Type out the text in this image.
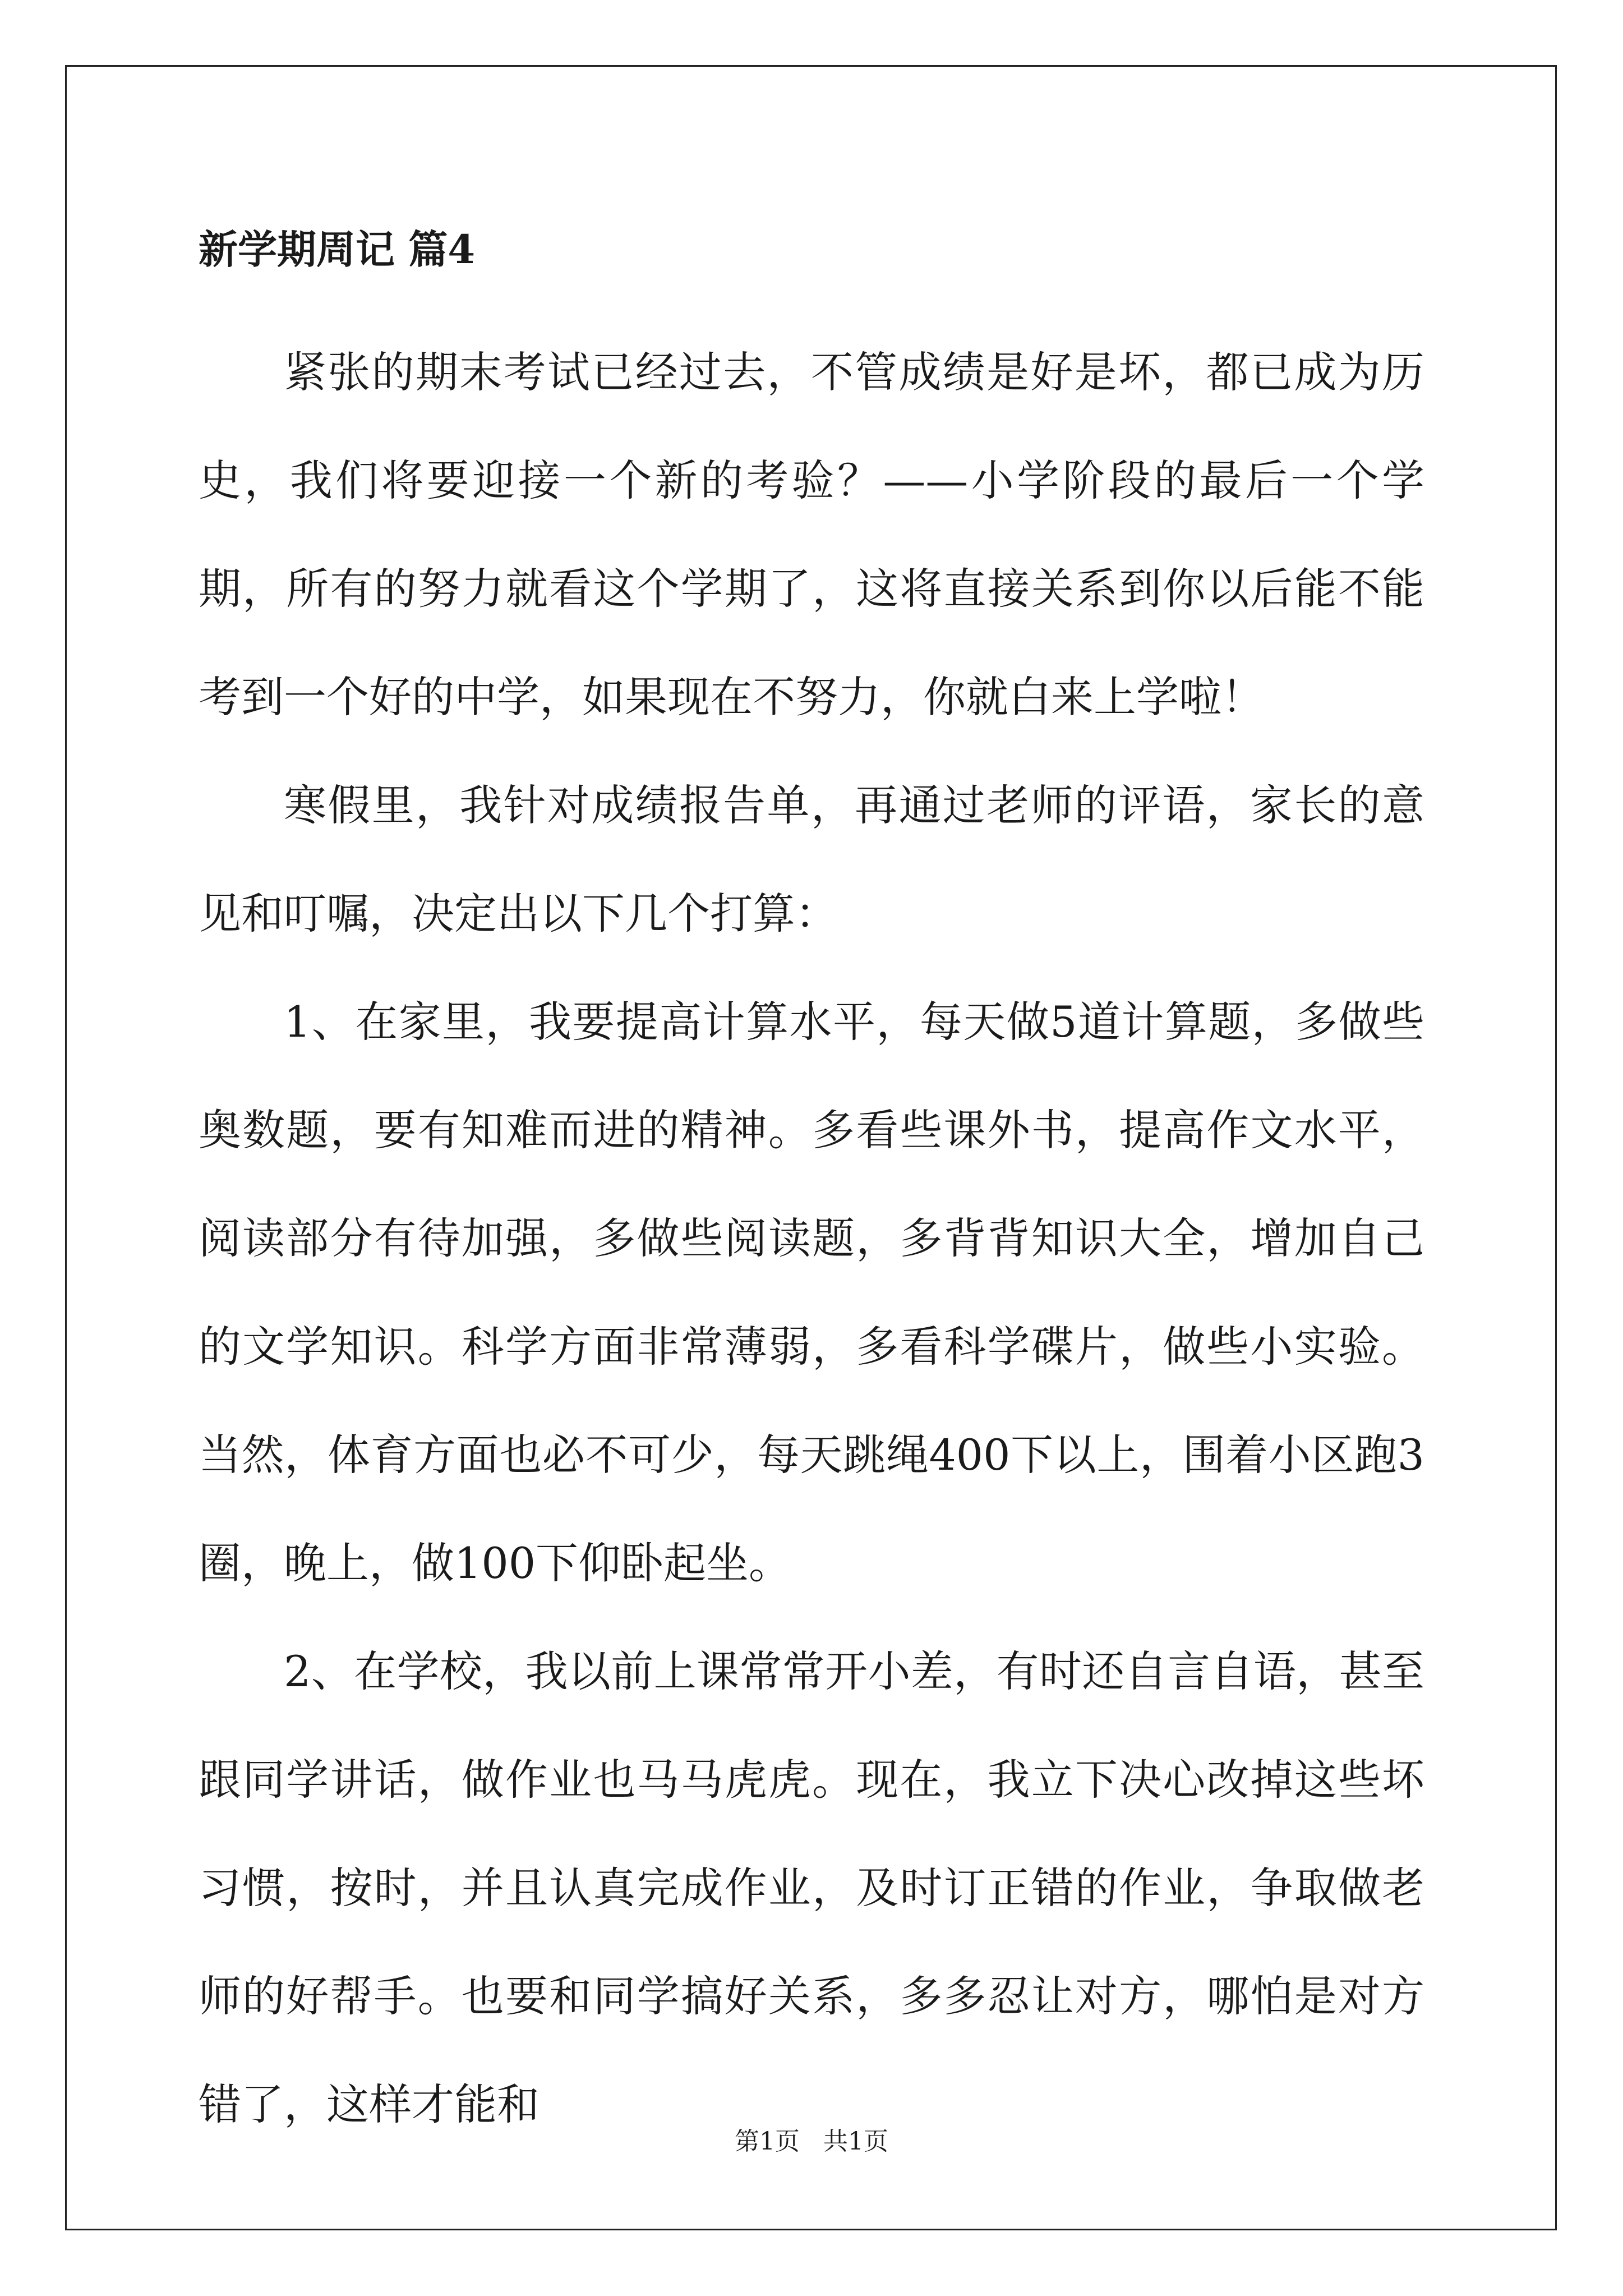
新学期周记 篇4

紧张的期末考试已经过去，不管成绩是好是坏，都已成为历史，我们将要迎接一个新的考验？——小学阶段的最后一个学期，所有的努力就看这个学期了，这将直接关系到你以后能不能考到一个好的中学，如果现在不努力，你就白来上学啦！

寒假里，我针对成绩报告单，再通过老师的评语，家长的意见和叮嘱，决定出以下几个打算：

1、在家里，我要提高计算水平，每天做5道计算题，多做些奥数题，要有知难而进的精神。多看些课外书，提高作文水平，阅读部分有待加强，多做些阅读题，多背背知识大全，增加自己的文学知识。科学方面非常薄弱，多看科学碟片，做些小实验。当然，体育方面也必不可少，每天跳绳400下以上，围着小区跑3圈，晚上，做100下仰卧起坐。

2、在学校，我以前上课常常开小差，有时还自言自语，甚至跟同学讲话，做作业也马马虎虎。现在，我立下决心改掉这些坏习惯，按时，并且认真完成作业，及时订正错的作业，争取做老师的好帮手。也要和同学搞好关系，多多忍让对方，哪怕是对方错了，这样才能和

第1页   共1页
